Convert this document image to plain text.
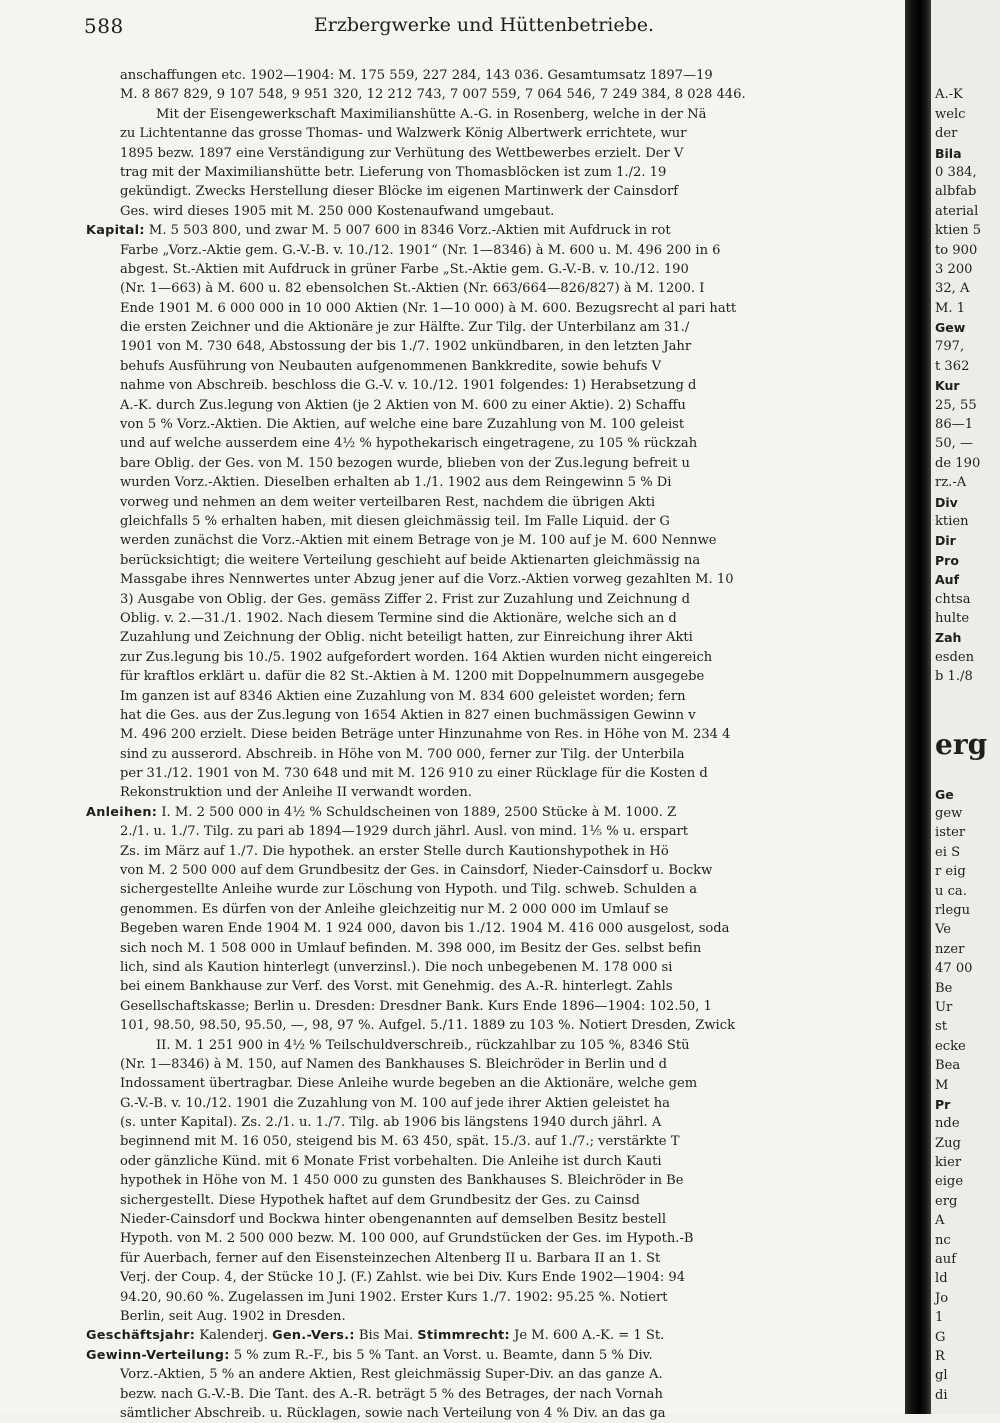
588	Erzbergwerke und Hüttenbetriebe.
anschaffungen etc. 1902—1904: M. 175 559, 227 284, 143 036. Gesamtumsatz 1897—19
M. 8 867 829, 9 107 548, 9 951 320, 12 212 743, 7 007 559, 7 064 546, 7 249 384, 8 028 446.
Mit der Eisengewerkschaft Maximilianshütte A.-G. in Rosenberg, welche in der Nä
zu Lichtentanne das grosse Thomas- und Walzwerk König Albertwerk errichtete, wur
1895 bezw. 1897 eine Verständigung zur Verhütung des Wettbewerbes erzielt. Der V
trag mit der Maximilianshütte betr. Lieferung von Thomasblöcken ist zum 1./2. 19
gekündigt. Zwecks Herstellung dieser Blöcke im eigenen Martinwerk der Cainsdorf
Ges. wird dieses 1905 mit M. 250 000 Kostenaufwand umgebaut.
Kapital: M. 5 503 800, und zwar M. 5 007 600 in 8346 Vorz.-Aktien mit Aufdruck in rot
Farbe „Vorz.-Aktie gem. G.-V.-B. v. 10./12. 1901“ (Nr. 1—8346) à M. 600 u. M. 496 200 in 6
abgest. St.-Aktien mit Aufdruck in grüner Farbe „St.-Aktie gem. G.-V.-B. v. 10./12. 190
(Nr. 1—663) à M. 600 u. 82 ebensolchen St.-Aktien (Nr. 663/664—826/827) à M. 1200. I
Ende 1901 M. 6 000 000 in 10 000 Aktien (Nr. 1—10 000) à M. 600. Bezugsrecht al pari hatt
die ersten Zeichner und die Aktionäre je zur Hälfte. Zur Tilg. der Unterbilanz am 31./
1901 von M. 730 648, Abstossung der bis 1./7. 1902 unkündbaren, in den letzten Jahr
behufs Ausführung von Neubauten aufgenommenen Bankkredite, sowie behufs V
nahme von Abschreib. beschloss die G.-V. v. 10./12. 1901 folgendes: 1) Herabsetzung d
A.-K. durch Zus.legung von Aktien (je 2 Aktien von M. 600 zu einer Aktie). 2) Schaffu
von 5 % Vorz.-Aktien. Die Aktien, auf welche eine bare Zuzahlung von M. 100 geleist
und auf welche ausserdem eine 4½ % hypothekarisch eingetragene, zu 105 % rückzah
bare Oblig. der Ges. von M. 150 bezogen wurde, blieben von der Zus.legung befreit u
wurden Vorz.-Aktien. Dieselben erhalten ab 1./1. 1902 aus dem Reingewinn 5 % Di
vorweg und nehmen an dem weiter verteilbaren Rest, nachdem die übrigen Akti
gleichfalls 5 % erhalten haben, mit diesen gleichmässig teil. Im Falle Liquid. der G
werden zunächst die Vorz.-Aktien mit einem Betrage von je M. 100 auf je M. 600 Nennwe
berücksichtigt; die weitere Verteilung geschieht auf beide Aktienarten gleichmässig na
Massgabe ihres Nennwertes unter Abzug jener auf die Vorz.-Aktien vorweg gezahlten M. 10
3) Ausgabe von Oblig. der Ges. gemäss Ziffer 2. Frist zur Zuzahlung und Zeichnung d
Oblig. v. 2.—31./1. 1902. Nach diesem Termine sind die Aktionäre, welche sich an d
Zuzahlung und Zeichnung der Oblig. nicht beteiligt hatten, zur Einreichung ihrer Akti
zur Zus.legung bis 10./5. 1902 aufgefordert worden. 164 Aktien wurden nicht eingereich
für kraftlos erklärt u. dafür die 82 St.-Aktien à M. 1200 mit Doppelnummern ausgegebe
Im ganzen ist auf 8346 Aktien eine Zuzahlung von M. 834 600 geleistet worden; fern
hat die Ges. aus der Zus.legung von 1654 Aktien in 827 einen buchmässigen Gewinn v
M. 496 200 erzielt. Diese beiden Beträge unter Hinzunahme von Res. in Höhe von M. 234 4
sind zu ausserord. Abschreib. in Höhe von M. 700 000, ferner zur Tilg. der Unterbila
per 31./12. 1901 von M. 730 648 und mit M. 126 910 zu einer Rücklage für die Kosten d
Rekonstruktion und der Anleihe II verwandt worden.
Anleihen: I. M. 2 500 000 in 4½ % Schuldscheinen von 1889, 2500 Stücke à M. 1000. Z
2./1. u. 1./7. Tilg. zu pari ab 1894—1929 durch jährl. Ausl. von mind. 1⅕ % u. erspart
Zs. im März auf 1./7. Die hypothek. an erster Stelle durch Kautionshypothek in Hö
von M. 2 500 000 auf dem Grundbesitz der Ges. in Cainsdorf, Nieder-Cainsdorf u. Bockw
sichergestellte Anleihe wurde zur Löschung von Hypoth. und Tilg. schweb. Schulden a
genommen. Es dürfen von der Anleihe gleichzeitig nur M. 2 000 000 im Umlauf se
Begeben waren Ende 1904 M. 1 924 000, davon bis 1./12. 1904 M. 416 000 ausgelost, soda
sich noch M. 1 508 000 in Umlauf befinden. M. 398 000, im Besitz der Ges. selbst befin
lich, sind als Kaution hinterlegt (unverzinsl.). Die noch unbegebenen M. 178 000 si
bei einem Bankhause zur Verf. des Vorst. mit Genehmig. des A.-R. hinterlegt. Zahls
Gesellschaftskasse; Berlin u. Dresden: Dresdner Bank. Kurs Ende 1896—1904: 102.50, 1
101, 98.50, 98.50, 95.50, —, 98, 97 %. Aufgel. 5./11. 1889 zu 103 %. Notiert Dresden, Zwick
II. M. 1 251 900 in 4½ % Teilschuldverschreib., rückzahlbar zu 105 %, 8346 Stü
(Nr. 1—8346) à M. 150, auf Namen des Bankhauses S. Bleichröder in Berlin und d
Indossament übertragbar. Diese Anleihe wurde begeben an die Aktionäre, welche gem
G.-V.-B. v. 10./12. 1901 die Zuzahlung von M. 100 auf jede ihrer Aktien geleistet ha
(s. unter Kapital). Zs. 2./1. u. 1./7. Tilg. ab 1906 bis längstens 1940 durch jährl. A
beginnend mit M. 16 050, steigend bis M. 63 450, spät. 15./3. auf 1./7.; verstärkte T
oder gänzliche Künd. mit 6 Monate Frist vorbehalten. Die Anleihe ist durch Kauti
hypothek in Höhe von M. 1 450 000 zu gunsten des Bankhauses S. Bleichröder in Be
sichergestellt. Diese Hypothek haftet auf dem Grundbesitz der Ges. zu Cainsd
Nieder-Cainsdorf und Bockwa hinter obengenannten auf demselben Besitz bestell
Hypoth. von M. 2 500 000 bezw. M. 100 000, auf Grundstücken der Ges. im Hypoth.-B
für Auerbach, ferner auf den Eisensteinzechen Altenberg II u. Barbara II an 1. St
Verj. der Coup. 4, der Stücke 10 J. (F.) Zahlst. wie bei Div. Kurs Ende 1902—1904: 94
94.20, 90.60 %. Zugelassen im Juni 1902. Erster Kurs 1./7. 1902: 95.25 %. Notiert
Berlin, seit Aug. 1902 in Dresden.
Geschäftsjahr: Kalenderj. Gen.-Vers.: Bis Mai. Stimmrecht: Je M. 600 A.-K. = 1 St.
Gewinn-Verteilung: 5 % zum R.-F., bis 5 % Tant. an Vorst. u. Beamte, dann 5 % Div.
Vorz.-Aktien, 5 % an andere Aktien, Rest gleichmässig Super-Div. an das ganze A.
bezw. nach G.-V.-B. Die Tant. des A.-R. beträgt 5 % des Betrages, der nach Vornah
sämtlicher Abschreib. u. Rücklagen, sowie nach Verteilung von 4 % Div. an das ga
A.-K
welc
der
Bila
0 384,
albfab
aterial
ktien 5
to 900
3 200
32, A
M. 1
Gew
797,
t 362
Kur
25, 55
86—1
50, —
de 190
rz.-A
Div
ktien
Dir
Pro
Auf
chtsa
hulte
Zah
esden
b 1./8
erg
Ge
gew
ister
ei S
r eig
u ca.
rlegu
Ve
nzer
47 00
Be
Ur
st
ecke
Bea
M
Pr
nde
Zug
kier
eige
erg
A
nc
auf
ld
Jo
1
G
R
gl
di
